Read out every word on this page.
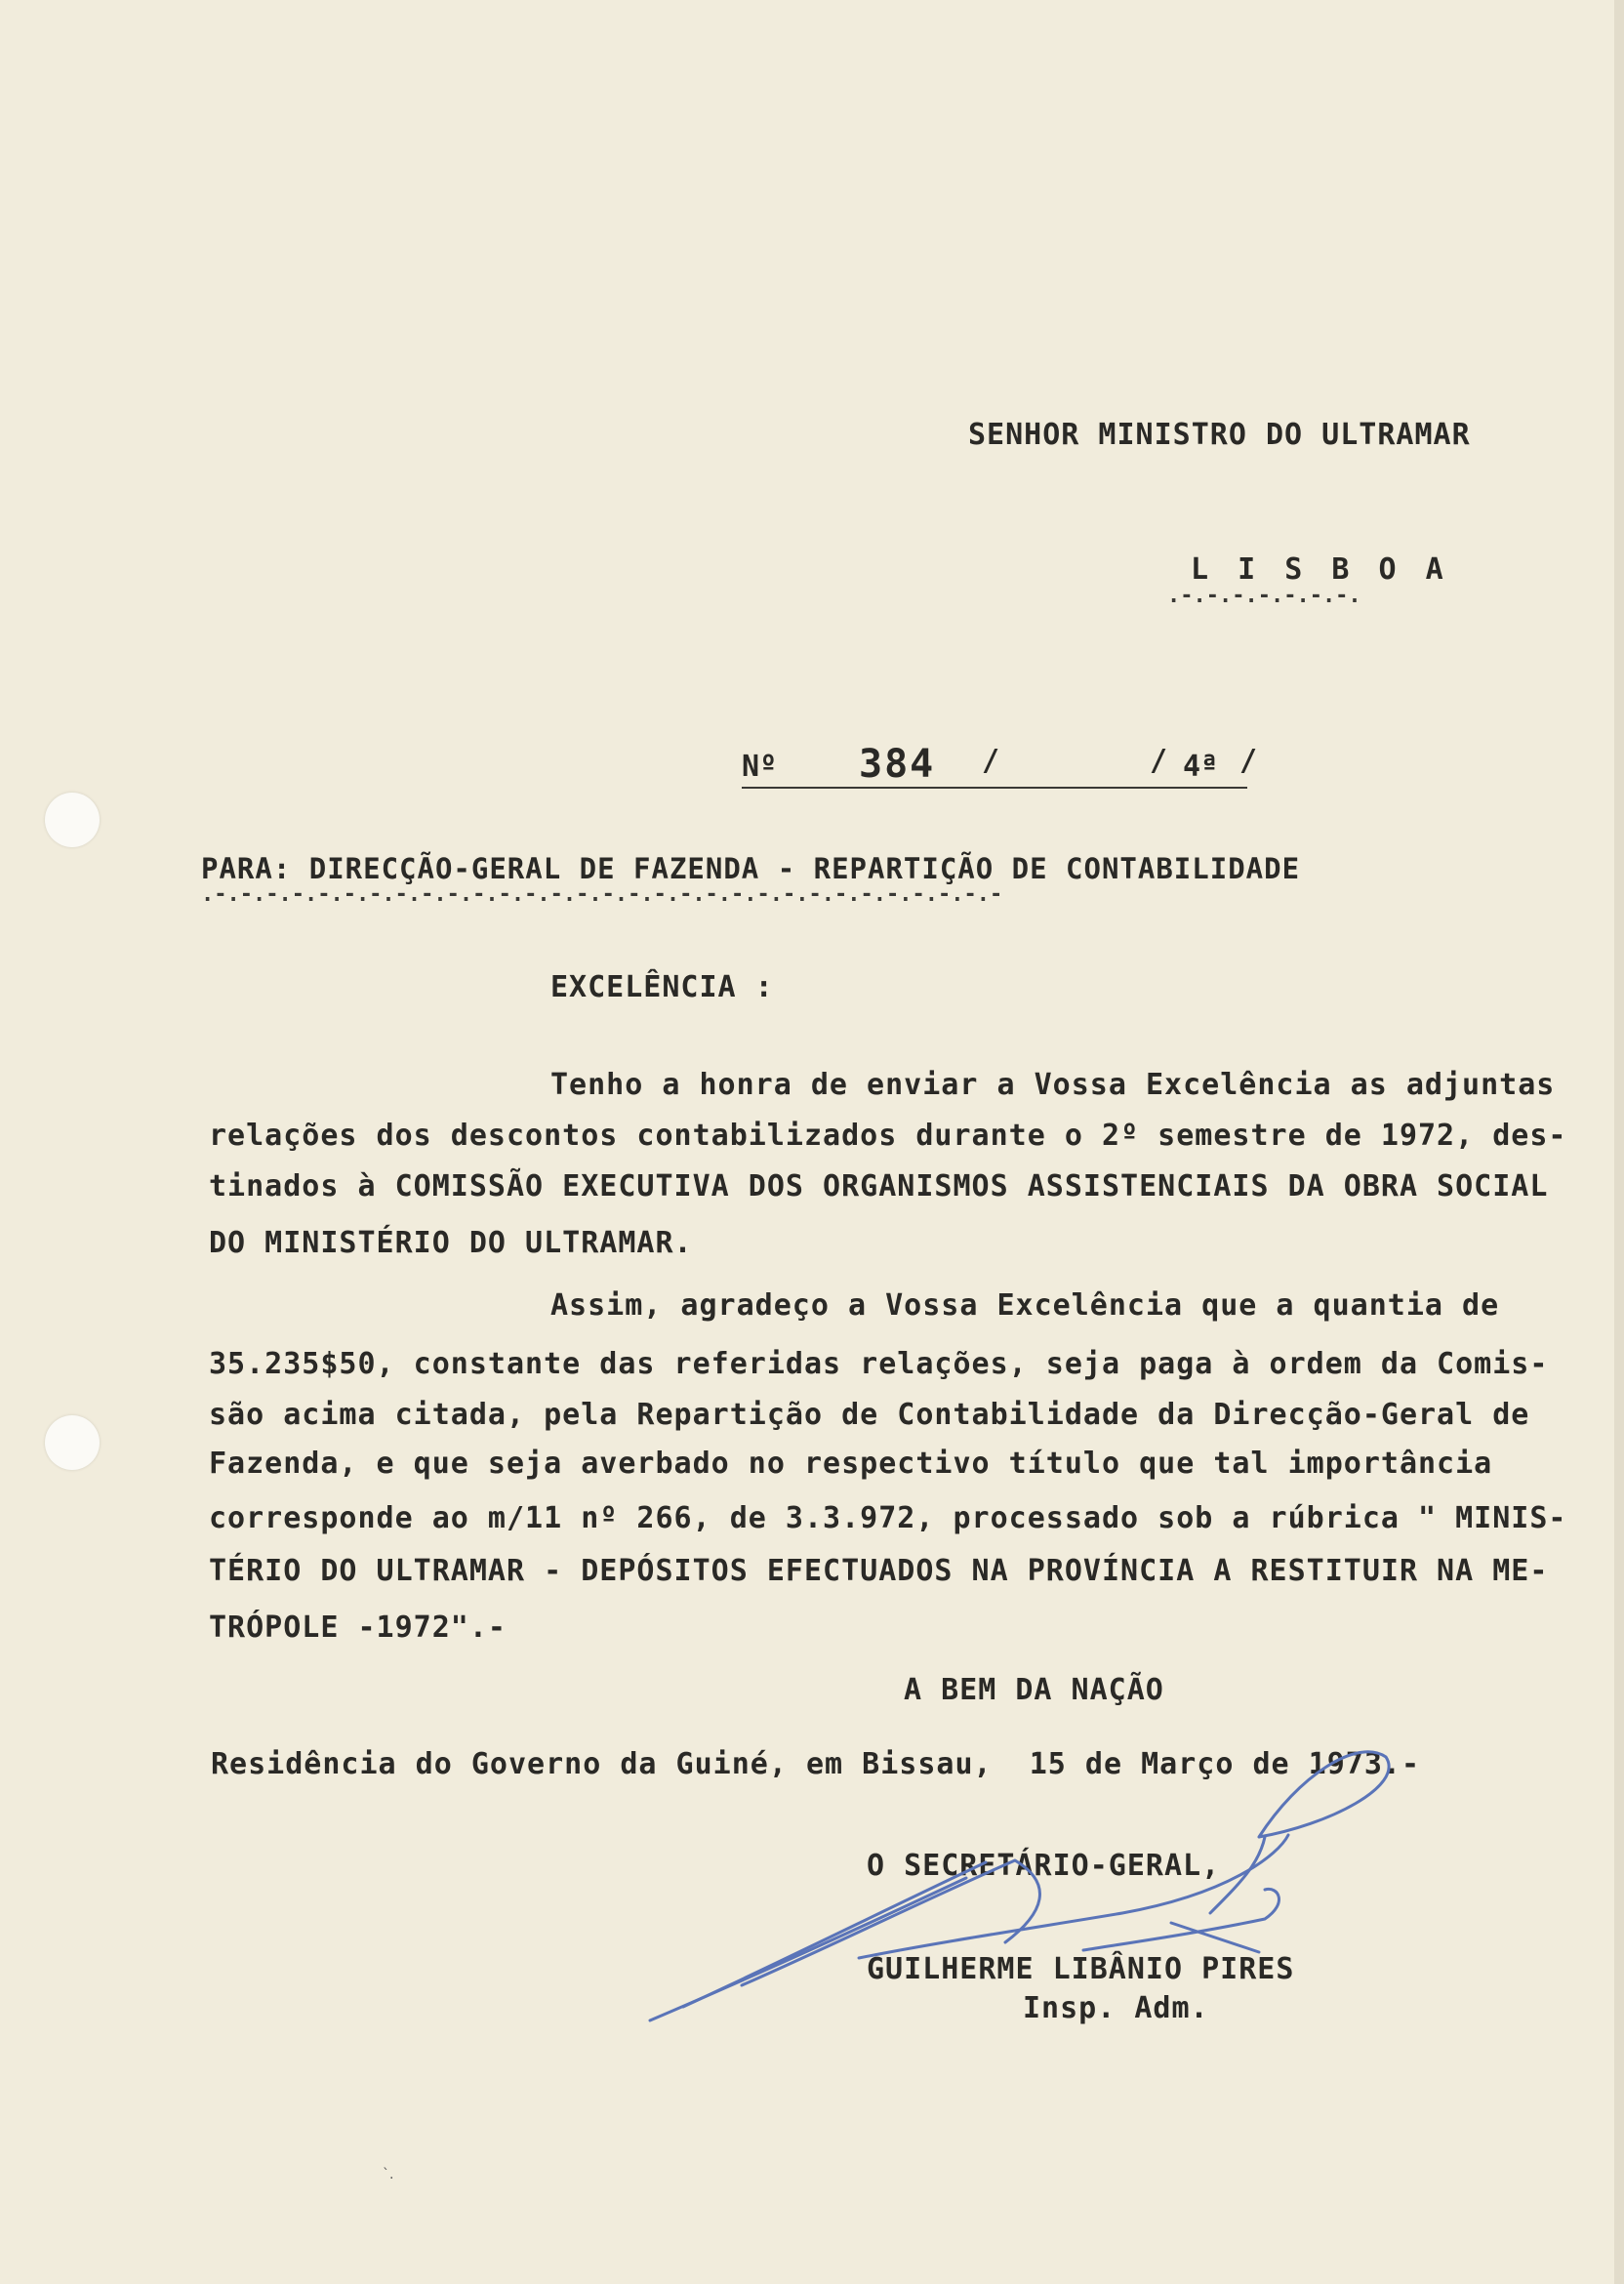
SENHOR MINISTRO DO ULTRAMAR
L I S B O A
.-.-.-.-.-.-.-.
Nº 384 /	/ 4ª /
PARA: DIRECÇÃO-GERAL DE FAZENDA - REPARTIÇÃO DE CONTABILIDADE
.-.-.-.-.-.-.-.-.-.-.-.-.-.-.-.-.-.-.-.-.-.-.-.-.-.-.-.-.-.-.-
EXCELÊNCIA :
Tenho a honra de enviar a Vossa Excelência as adjuntas
relações dos descontos contabilizados durante o 2º semestre de 1972, des-
tinados à COMISSÃO EXECUTIVA DOS ORGANISMOS ASSISTENCIAIS DA OBRA SOCIAL
DO MINISTÉRIO DO ULTRAMAR.
Assim, agradeço a Vossa Excelência que a quantia de
35.235$50, constante das referidas relações, seja paga à ordem da Comis-
são acima citada, pela Repartição de Contabilidade da Direcção-Geral de
Fazenda, e que seja averbado no respectivo título que tal importância
corresponde ao m/11 nº 266, de 3.3.972, processado sob a rúbrica " MINIS-
TÉRIO DO ULTRAMAR - DEPÓSITOS EFECTUADOS NA PROVÍNCIA A RESTITUIR NA ME-
TRÓPOLE -1972".-
A BEM DA NAÇÃO
Residência do Governo da Guiné, em Bissau,  15 de Março de 1973.-
O SECRETÁRIO-GERAL,
GUILHERME LIBÂNIO PIRES
Insp. Adm.
`.
